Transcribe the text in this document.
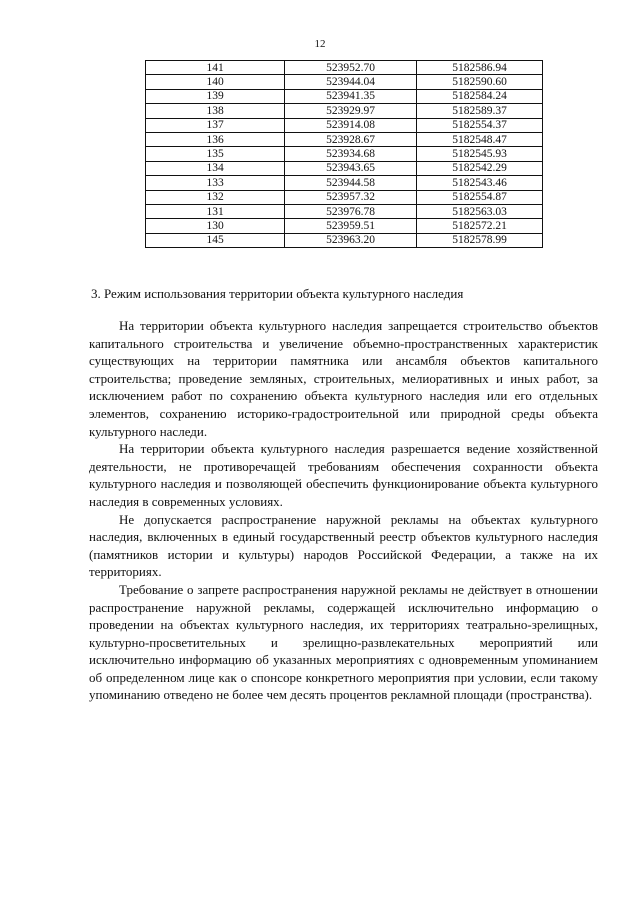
12
141	523952.70	5182586.94
140	523944.04	5182590.60
139	523941.35	5182584.24
138	523929.97	5182589.37
137	523914.08	5182554.37
136	523928.67	5182548.47
135	523934.68	5182545.93
134	523943.65	5182542.29
133	523944.58	5182543.46
132	523957.32	5182554.87
131	523976.78	5182563.03
130	523959.51	5182572.21
145	523963.20	5182578.99
3. Режим использования территории объекта культурного наследия

На территории объекта культурного наследия запрещается строительство объектов капитального строительства и увеличение объемно-пространственных характеристик существующих на территории памятника или ансамбля объектов капитального строительства; проведение земляных, строительных, мелиоративных и иных работ, за исключением работ по сохранению объекта культурного наследия или его отдельных элементов, сохранению историко-градостроительной или природной среды объекта культурного наследи.

На территории объекта культурного наследия разрешается ведение хозяйственной деятельности, не противоречащей требованиям обеспечения сохранности объекта культурного наследия и позволяющей обеспечить функционирование объекта культурного наследия в современных условиях.

Не допускается распространение наружной рекламы на объектах культурного наследия, включенных в единый государственный реестр объектов культурного наследия (памятников истории и культуры) народов Российской Федерации, а также на их территориях.

Требование о запрете распространения наружной рекламы не действует в отношении распространение наружной рекламы, содержащей исключительно информацию о проведении на объектах культурного наследия, их территориях театрально-зрелищных, культурно-просветительных и зрелищно-развлекательных мероприятий или исключительно информацию об указанных мероприятиях с одновременным упоминанием об определенном лице как о спонсоре конкретного мероприятия при условии, если такому упоминанию отведено не более чем десять процентов рекламной площади (пространства).
